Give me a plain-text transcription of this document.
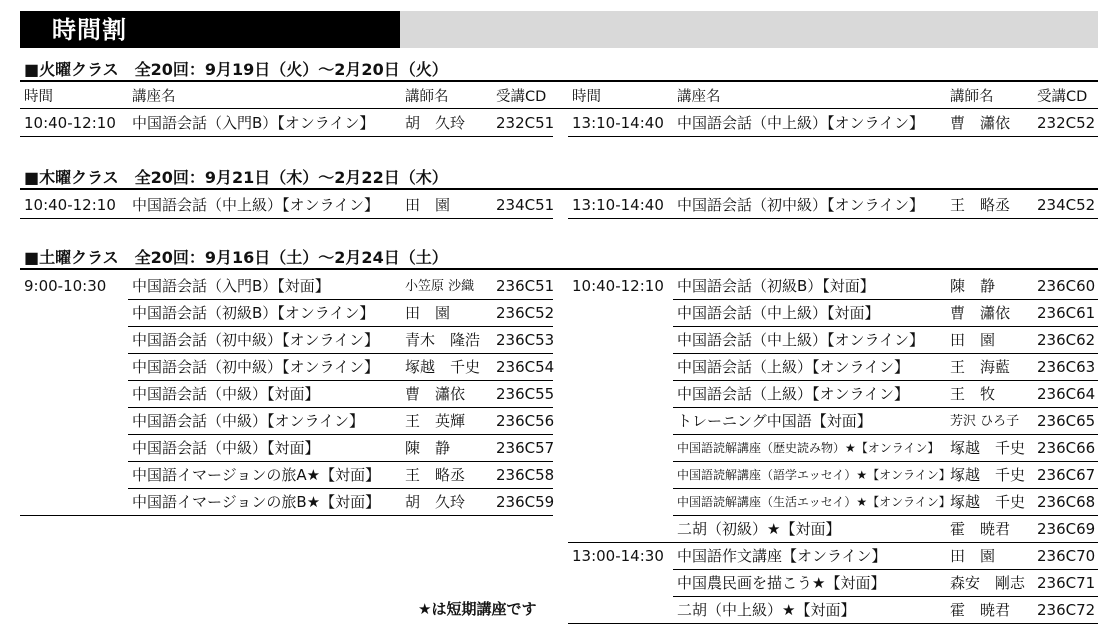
時間割
■火曜クラス　全20回：9月19日（火）～2月20日（火）
時間	講座名	講師名	受講CD 時間	講座名	講師名	受講CD
10:40-12:10 中国語会話（入門B）【オンライン】 胡　久玲 232C51 13:10-14:40 中国語会話（中上級）【オンライン】 曹　瀟依 232C52
■木曜クラス　全20回：9月21日（木）～2月22日（木）
10:40-12:10 中国語会話（中上級）【オンライン】 田　園	234C51 13:10-14:40 中国語会話（初中級）【オンライン】 王　略丞 234C52
■土曜クラス　全20回：9月16日（土）～2月24日（土）
9:00-10:30 中国語会話（入門B）【対面】	小笠原 沙織 236C51
中国語会話（初級B）【オンライン】 田　園	236C52
中国語会話（初中級）【オンライン】 青木　隆浩 236C53
中国語会話（初中級）【オンライン】 塚越　千史 236C54
中国語会話（中級）【対面】	曹　瀟依 236C55
中国語会話（中級）【オンライン】	王　英輝 236C56
中国語会話（中級）【対面】	陳　静	236C57
中国語イマージョンの旅A★【対面】 王　略丞 236C58
中国語イマージョンの旅B★【対面】 胡　久玲 236C59
10:40-12:10 中国語会話（初級B）【対面】	陳　静	236C60
中国語会話（中上級）【対面】	曹　瀟依 236C61
中国語会話（中上級）【オンライン】 田　園	236C62
中国語会話（上級）【オンライン】	王　海藍 236C63
中国語会話（上級）【オンライン】	王　牧	236C64
トレーニング中国語【対面】	芳沢 ひろ子 236C65
中国語読解講座（歴史読み物）★【オンライン】 塚越　千史 236C66
中国語読解講座（語学エッセイ）★【オンライン】 塚越　千史 236C67
中国語読解講座（生活エッセイ）★【オンライン】 塚越　千史 236C68
二胡（初級）★【対面】	霍　暁君 236C69
13:00-14:30 中国語作文講座【オンライン】	田　園	236C70
中国農民画を描こう★【対面】	森安　剛志 236C71
二胡（中上級）★【対面】	霍　暁君 236C72
★は短期講座です
